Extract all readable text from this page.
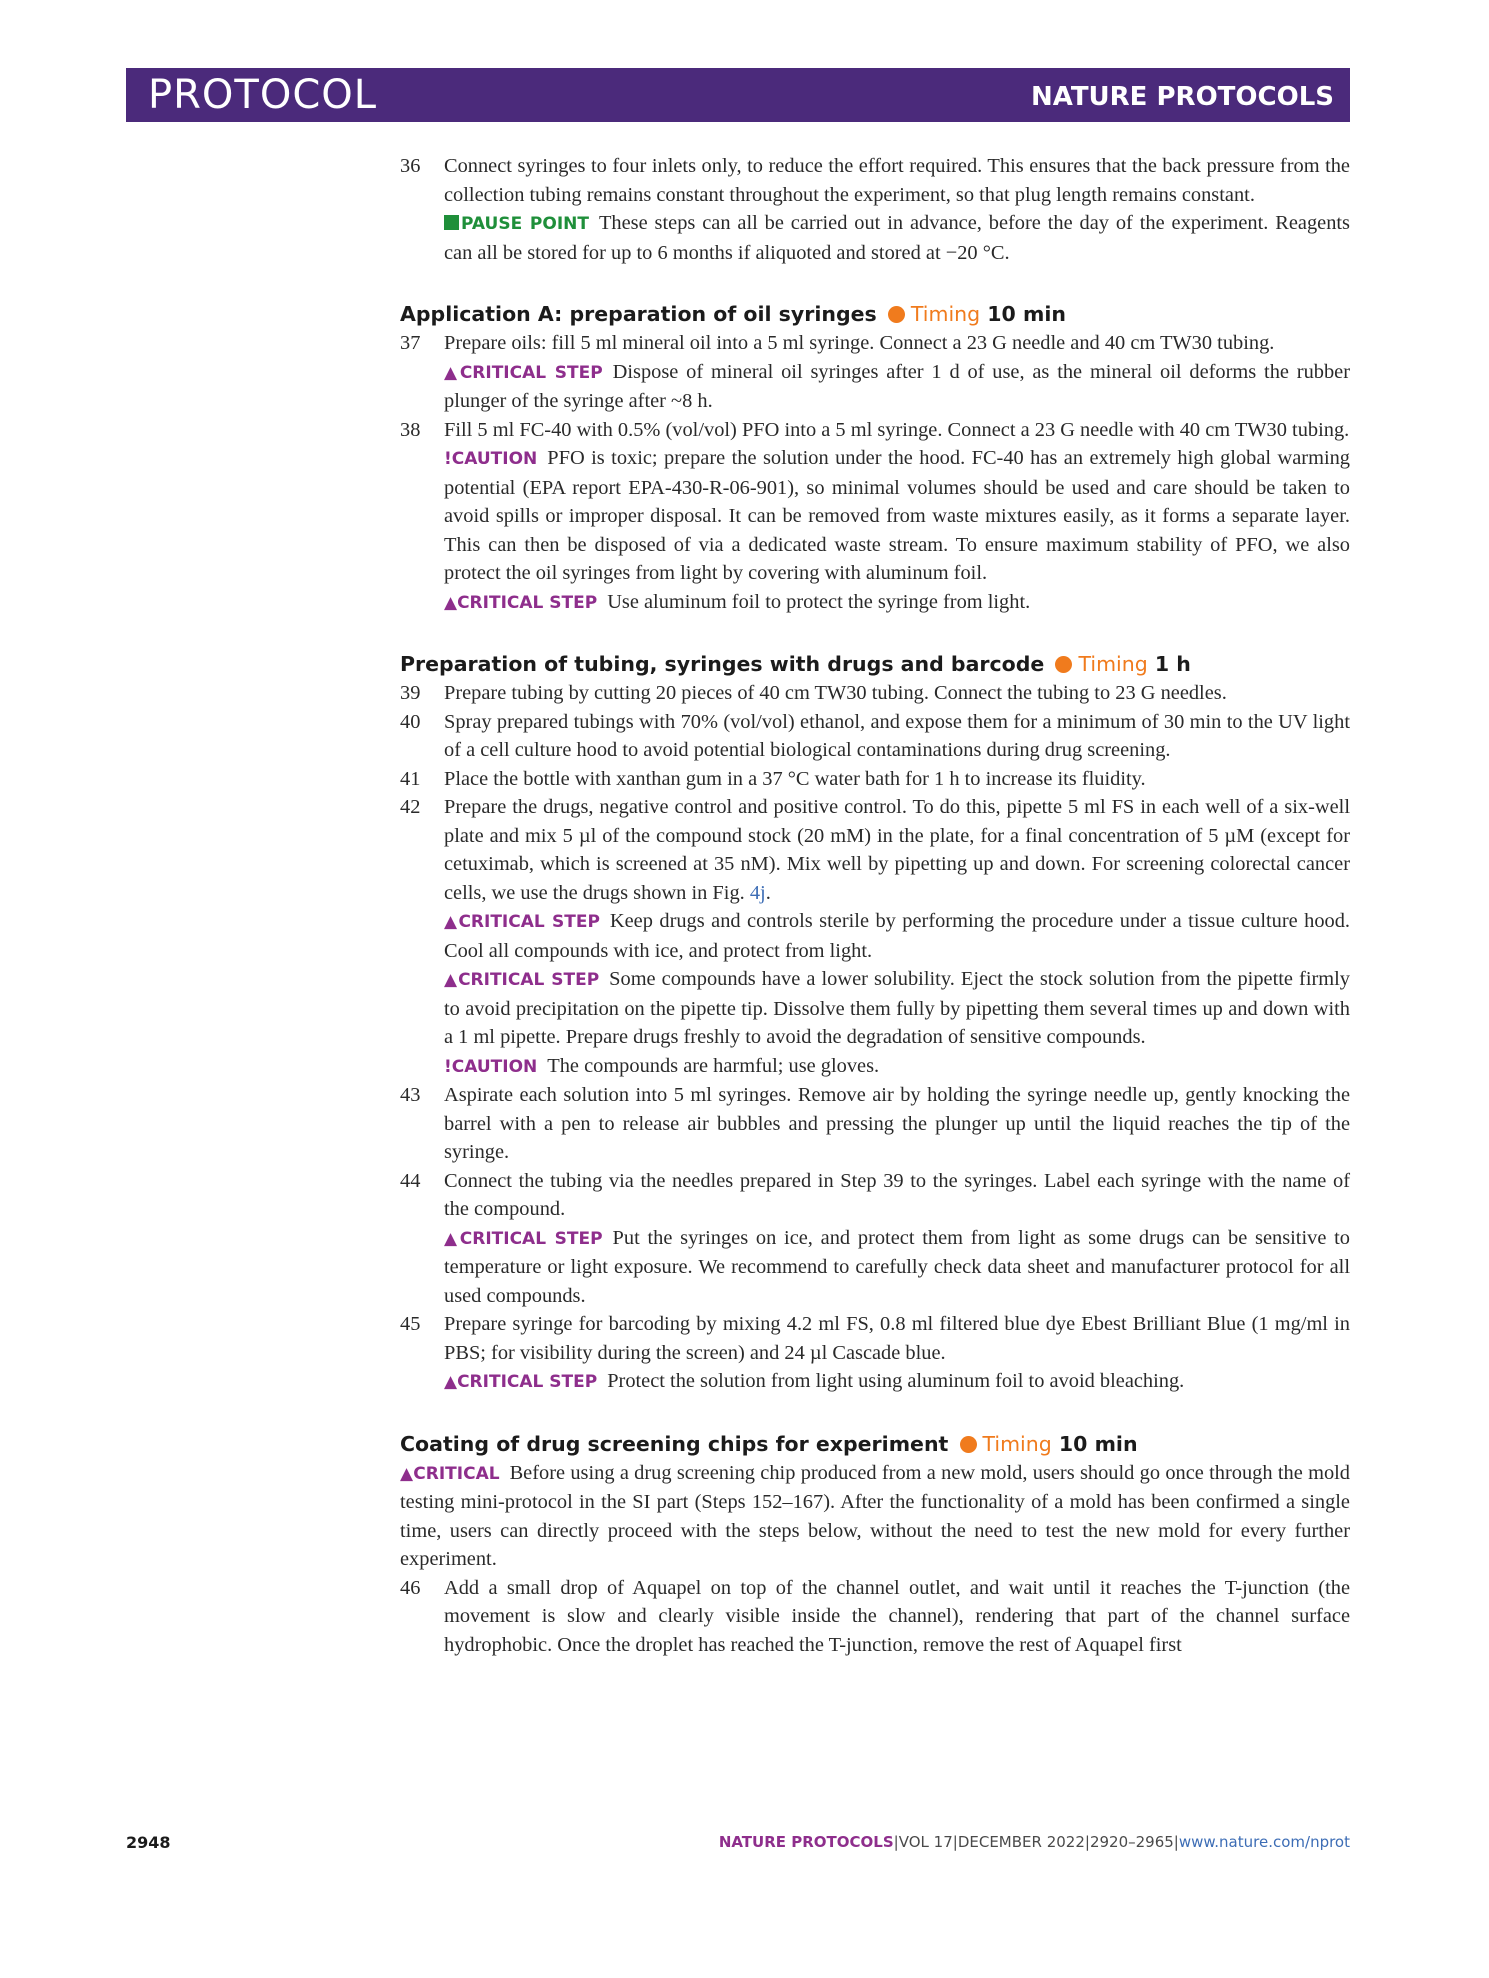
PROTOCOL	NATURE PROTOCOLS
36 Connect syringes to four inlets only, to reduce the effort required. This ensures that the back pressure from the collection tubing remains constant throughout the experiment, so that plug length remains constant.
PAUSE POINT These steps can all be carried out in advance, before the day of the experiment. Reagents can all be stored for up to 6 months if aliquoted and stored at −20 °C.
Application A: preparation of oil syringes Timing 10 min
37 Prepare oils: fill 5 ml mineral oil into a 5 ml syringe. Connect a 23 G needle and 40 cm TW30 tubing.
▲CRITICAL STEP Dispose of mineral oil syringes after 1 d of use, as the mineral oil deforms the rubber plunger of the syringe after ~8 h.
38 Fill 5 ml FC-40 with 0.5% (vol/vol) PFO into a 5 ml syringe. Connect a 23 G needle with 40 cm TW30 tubing.
!CAUTION PFO is toxic; prepare the solution under the hood. FC-40 has an extremely high global warming potential (EPA report EPA-430-R-06-901), so minimal volumes should be used and care should be taken to avoid spills or improper disposal. It can be removed from waste mixtures easily, as it forms a separate layer. This can then be disposed of via a dedicated waste stream. To ensure maximum stability of PFO, we also protect the oil syringes from light by covering with aluminum foil.
▲CRITICAL STEP Use aluminum foil to protect the syringe from light.
Preparation of tubing, syringes with drugs and barcode Timing 1 h
39 Prepare tubing by cutting 20 pieces of 40 cm TW30 tubing. Connect the tubing to 23 G needles.
40 Spray prepared tubings with 70% (vol/vol) ethanol, and expose them for a minimum of 30 min to the UV light of a cell culture hood to avoid potential biological contaminations during drug screening.
41 Place the bottle with xanthan gum in a 37 °C water bath for 1 h to increase its fluidity.
42 Prepare the drugs, negative control and positive control. To do this, pipette 5 ml FS in each well of a six-well plate and mix 5 µl of the compound stock (20 mM) in the plate, for a final concentration of 5 µM (except for cetuximab, which is screened at 35 nM). Mix well by pipetting up and down. For screening colorectal cancer cells, we use the drugs shown in Fig. 4j.
▲CRITICAL STEP Keep drugs and controls sterile by performing the procedure under a tissue culture hood. Cool all compounds with ice, and protect from light.
▲CRITICAL STEP Some compounds have a lower solubility. Eject the stock solution from the pipette firmly to avoid precipitation on the pipette tip. Dissolve them fully by pipetting them several times up and down with a 1 ml pipette. Prepare drugs freshly to avoid the degradation of sensitive compounds.
!CAUTION The compounds are harmful; use gloves.
43 Aspirate each solution into 5 ml syringes. Remove air by holding the syringe needle up, gently knocking the barrel with a pen to release air bubbles and pressing the plunger up until the liquid reaches the tip of the syringe.
44 Connect the tubing via the needles prepared in Step 39 to the syringes. Label each syringe with the name of the compound.
▲CRITICAL STEP Put the syringes on ice, and protect them from light as some drugs can be sensitive to temperature or light exposure. We recommend to carefully check data sheet and manufacturer protocol for all used compounds.
45 Prepare syringe for barcoding by mixing 4.2 ml FS, 0.8 ml filtered blue dye Ebest Brilliant Blue (1 mg/ml in PBS; for visibility during the screen) and 24 µl Cascade blue.
▲CRITICAL STEP Protect the solution from light using aluminum foil to avoid bleaching.
Coating of drug screening chips for experiment Timing 10 min
▲CRITICAL Before using a drug screening chip produced from a new mold, users should go once through the mold testing mini-protocol in the SI part (Steps 152–167). After the functionality of a mold has been confirmed a single time, users can directly proceed with the steps below, without the need to test the new mold for every further experiment.
46 Add a small drop of Aquapel on top of the channel outlet, and wait until it reaches the T-junction (the movement is slow and clearly visible inside the channel), rendering that part of the channel surface hydrophobic. Once the droplet has reached the T-junction, remove the rest of Aquapel first
2948	NATURE PROTOCOLS|VOL 17|DECEMBER 2022|2920–2965|www.nature.com/nprot
